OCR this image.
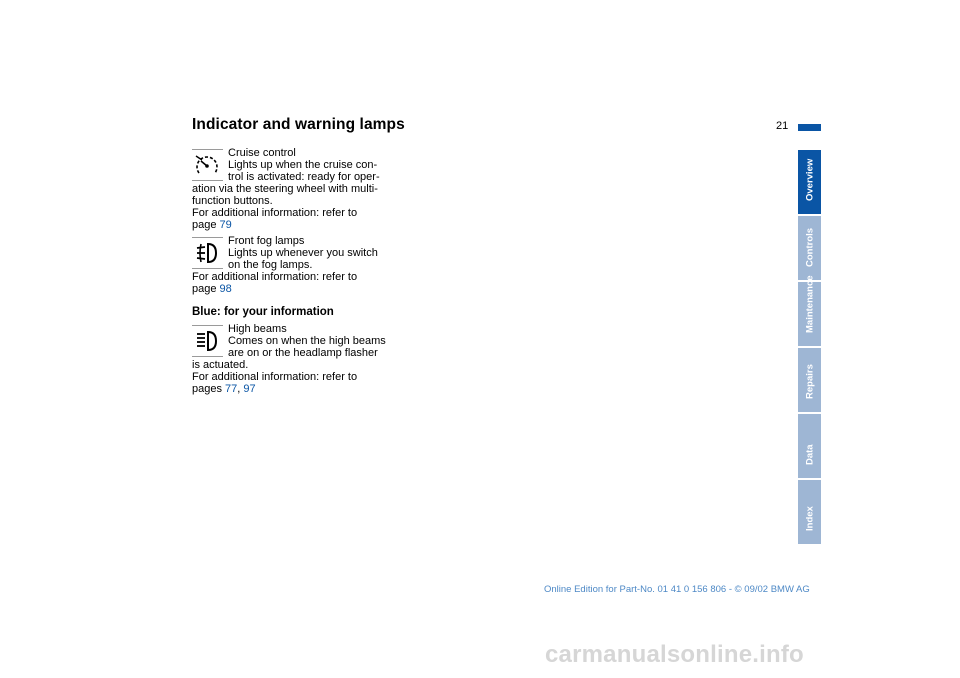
Indicator and warning lamps	21
Cruise control
Lights up when the cruise con-
trol is activated: ready for oper-
ation via the steering wheel with multi-
function buttons.
For additional information: refer to
page 79
Front fog lamps
Lights up whenever you switch
on the fog lamps.
For additional information: refer to
page 98
Blue: for your information
High beams
Comes on when the high beams
are on or the headlamp flasher
is actuated.
For additional information: refer to
pages 77, 97
Overview
Controls
Maintenance
Repairs
Data
Index
Online Edition for Part-No. 01 41 0 156 806 - © 09/02 BMW AG
carmanualsonline.info
